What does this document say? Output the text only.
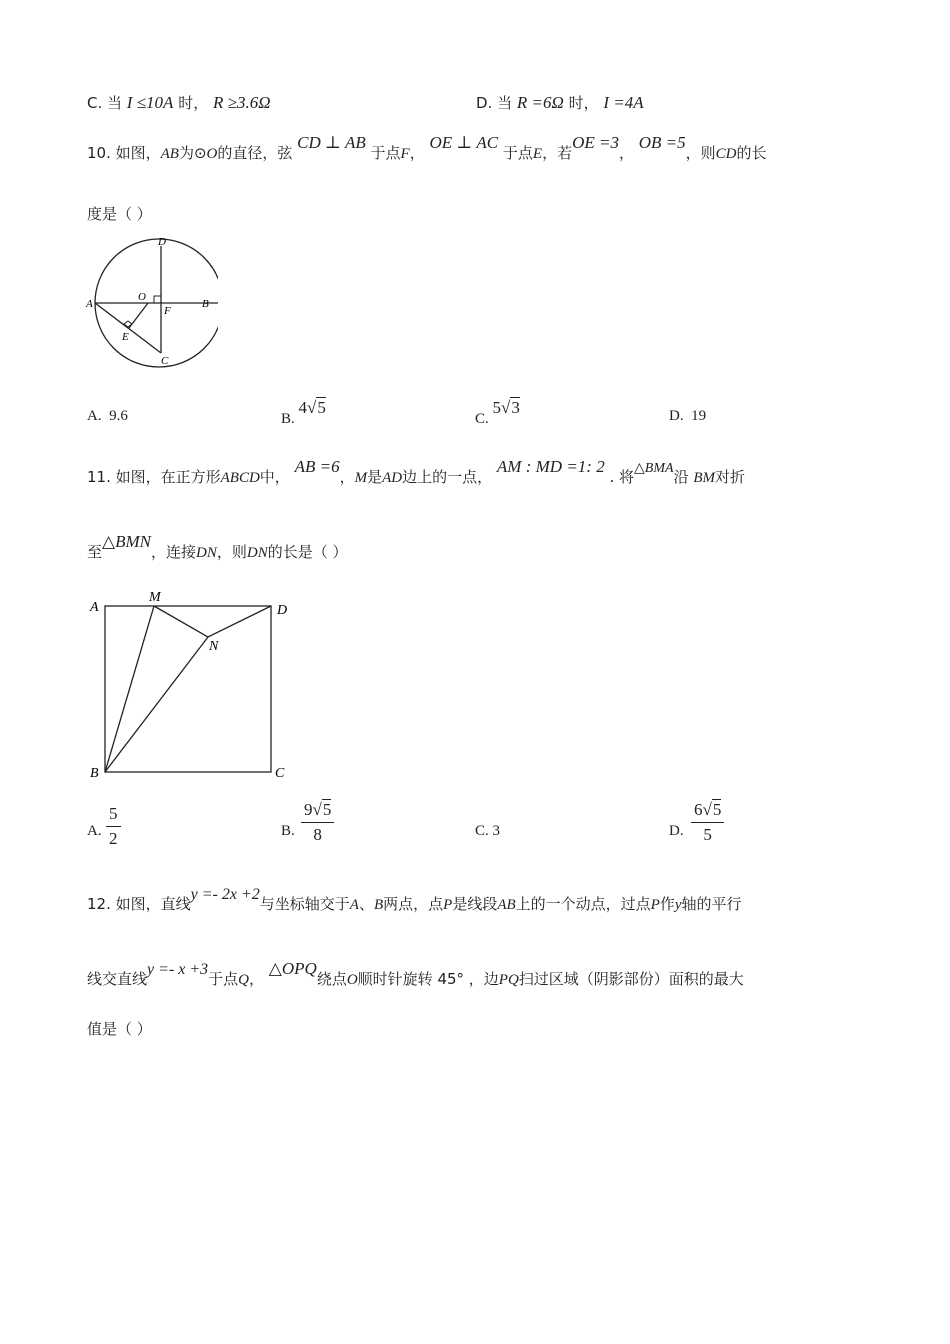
C. 当 I ≤10A 时， R ≥3.6Ω	D. 当 R =6Ω 时， I =4A
10. 如图，AB为⊙O的直径，弦 CD ⊥ AB 于点F， OE ⊥ AC 于点E，若OE =3， OB =5，则CD的长
度是（ ）
D
A
O
B
F
E
C
A. 9.6	B. 4√5
C. 5√3	D. 19
11. 如图，在正方形ABCD中， AB =6，M是AD边上的一点， AM : MD =1: 2 . 将△BMA沿 BM对折
至△BMN，连接DN，则DN的长是（ ）
A
M
D
N
B	C
A. $\frac{5}{2}$	B. $\frac{9√5}{8}$	C. 3	D. $\frac{6√5}{5}$
12. 如图，直线y =- 2x +2与坐标轴交于A、B两点，点P是线段AB上的一个动点，过点P作y轴的平行
线交直线y =- x +3于点Q， △OPQ绕点O顺时针旋转 45° ，边PQ扫过区域（阴影部份）面积的最大
值是（ ）
